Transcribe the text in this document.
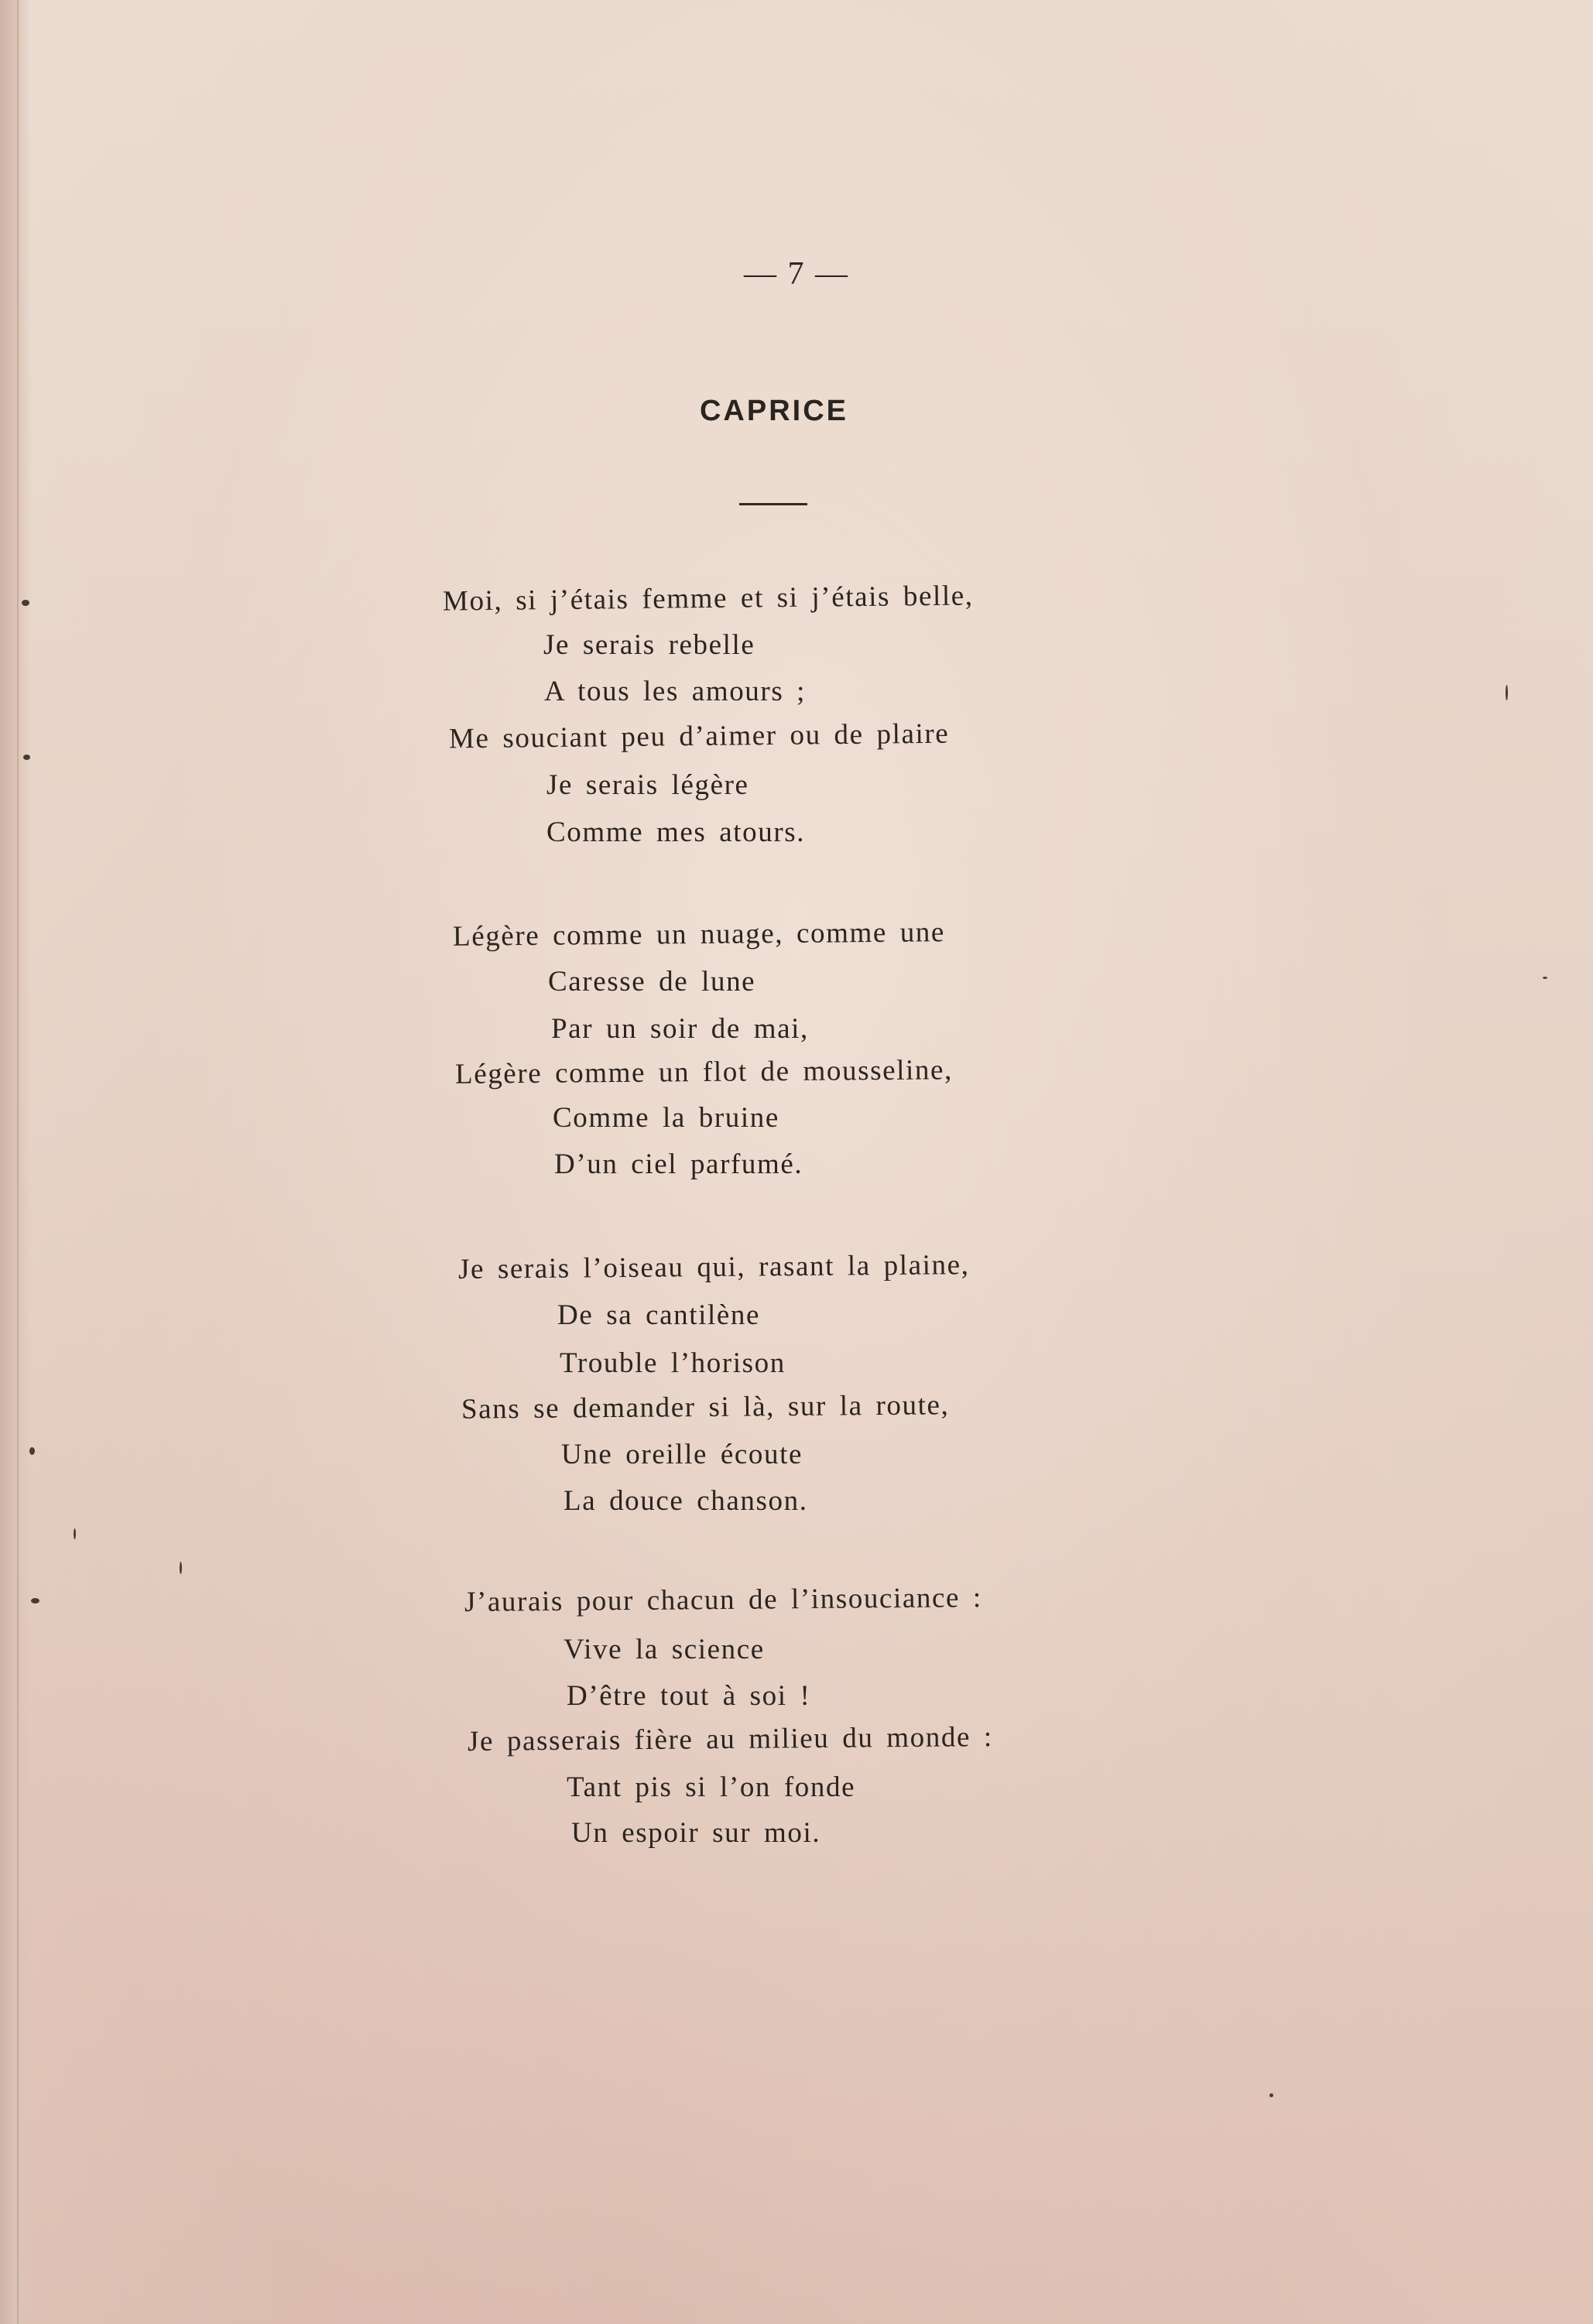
— 7 —
CAPRICE
Moi, si j’étais femme et si j’étais belle,
Je serais rebelle
A tous les amours ;
Me souciant peu d’aimer ou de plaire
Je serais légère
Comme mes atours.
Légère comme un nuage, comme une
Caresse de lune
Par un soir de mai,
Légère comme un flot de mousseline,
Comme la bruine
D’un ciel parfumé.
Je serais l’oiseau qui, rasant la plaine,
De sa cantilène
Trouble l’horison
Sans se demander si là, sur la route,
Une oreille écoute
La douce chanson.
J’aurais pour chacun de l’insouciance :
Vive la science
D’être tout à soi !
Je passerais fière au milieu du monde :
Tant pis si l’on fonde
Un espoir sur moi.
